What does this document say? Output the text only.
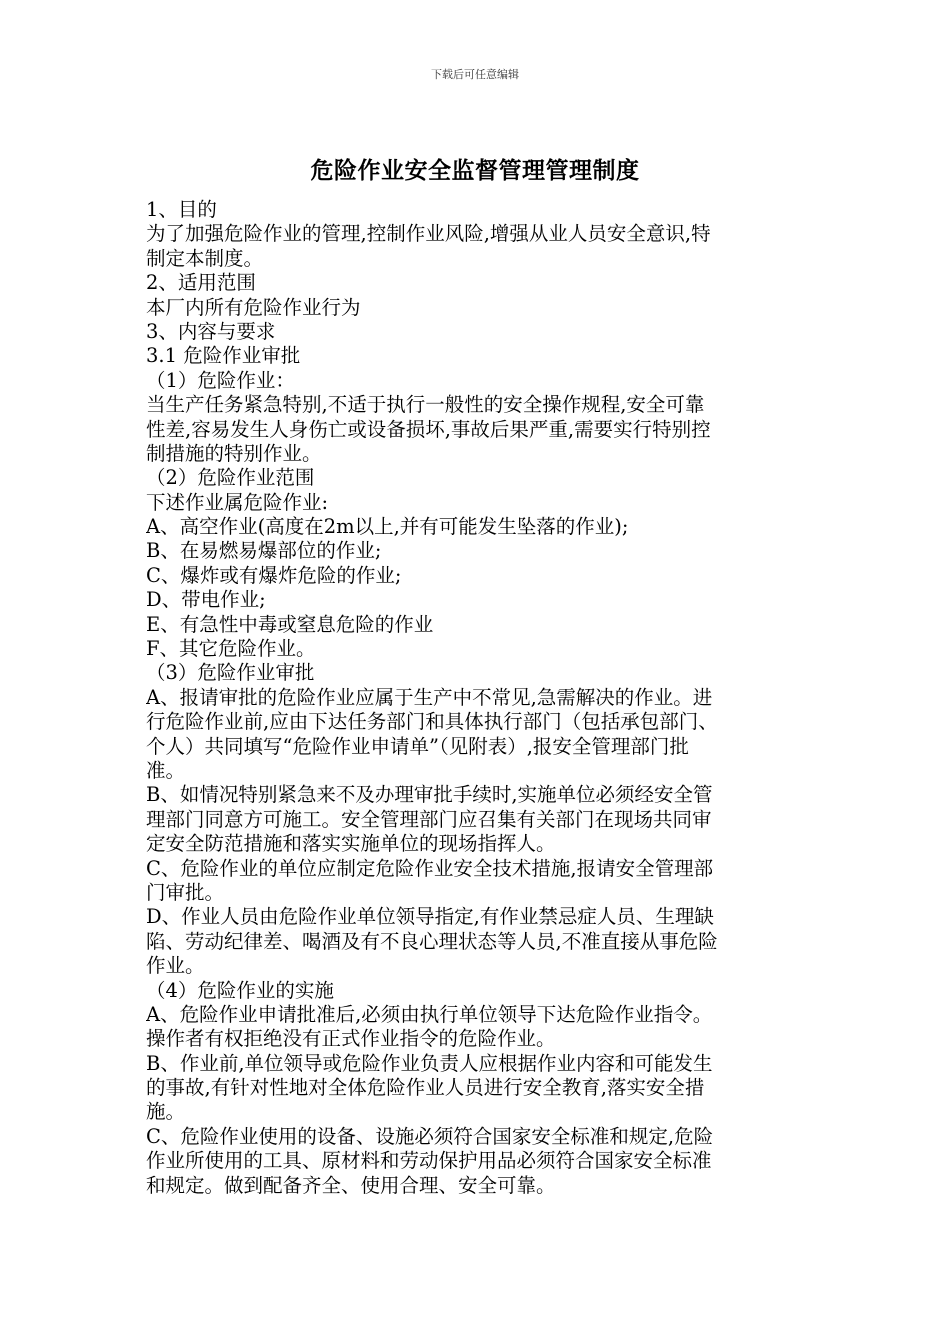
下载后可任意编辑
危险作业安全监督管理管理制度
1、目的
为了加强危险作业的管理,控制作业风险,增强从业人员安全意识,特
制定本制度。
2、适用范围
本厂内所有危险作业行为
3、内容与要求
3.1 危险作业审批
（1）危险作业：
当生产任务紧急特别,不适于执行一般性的安全操作规程,安全可靠
性差,容易发生人身伤亡或设备损坏,事故后果严重,需要实行特别控
制措施的特别作业。
（2）危险作业范围
下述作业属危险作业:
A、高空作业(高度在2m以上,并有可能发生坠落的作业);
B、在易燃易爆部位的作业;
C、爆炸或有爆炸危险的作业;
D、带电作业;
E、有急性中毒或窒息危险的作业
F、其它危险作业。
（3）危险作业审批
A、报请审批的危险作业应属于生产中不常见,急需解决的作业。进
行危险作业前,应由下达任务部门和具体执行部门（包括承包部门、
个人）共同填写“危险作业申请单”（见附表）,报安全管理部门批
准。
B、如情况特别紧急来不及办理审批手续时,实施单位必须经安全管
理部门同意方可施工。安全管理部门应召集有关部门在现场共同审
定安全防范措施和落实实施单位的现场指挥人。
C、危险作业的单位应制定危险作业安全技术措施,报请安全管理部
门审批。
D、作业人员由危险作业单位领导指定,有作业禁忌症人员、生理缺
陷、劳动纪律差、喝酒及有不良心理状态等人员,不准直接从事危险
作业。
（4）危险作业的实施
A、危险作业申请批准后,必须由执行单位领导下达危险作业指令。
操作者有权拒绝没有正式作业指令的危险作业。
B、作业前,单位领导或危险作业负责人应根据作业内容和可能发生
的事故,有针对性地对全体危险作业人员进行安全教育,落实安全措
施。
C、危险作业使用的设备、设施必须符合国家安全标准和规定,危险
作业所使用的工具、原材料和劳动保护用品必须符合国家安全标准
和规定。做到配备齐全、使用合理、安全可靠。
